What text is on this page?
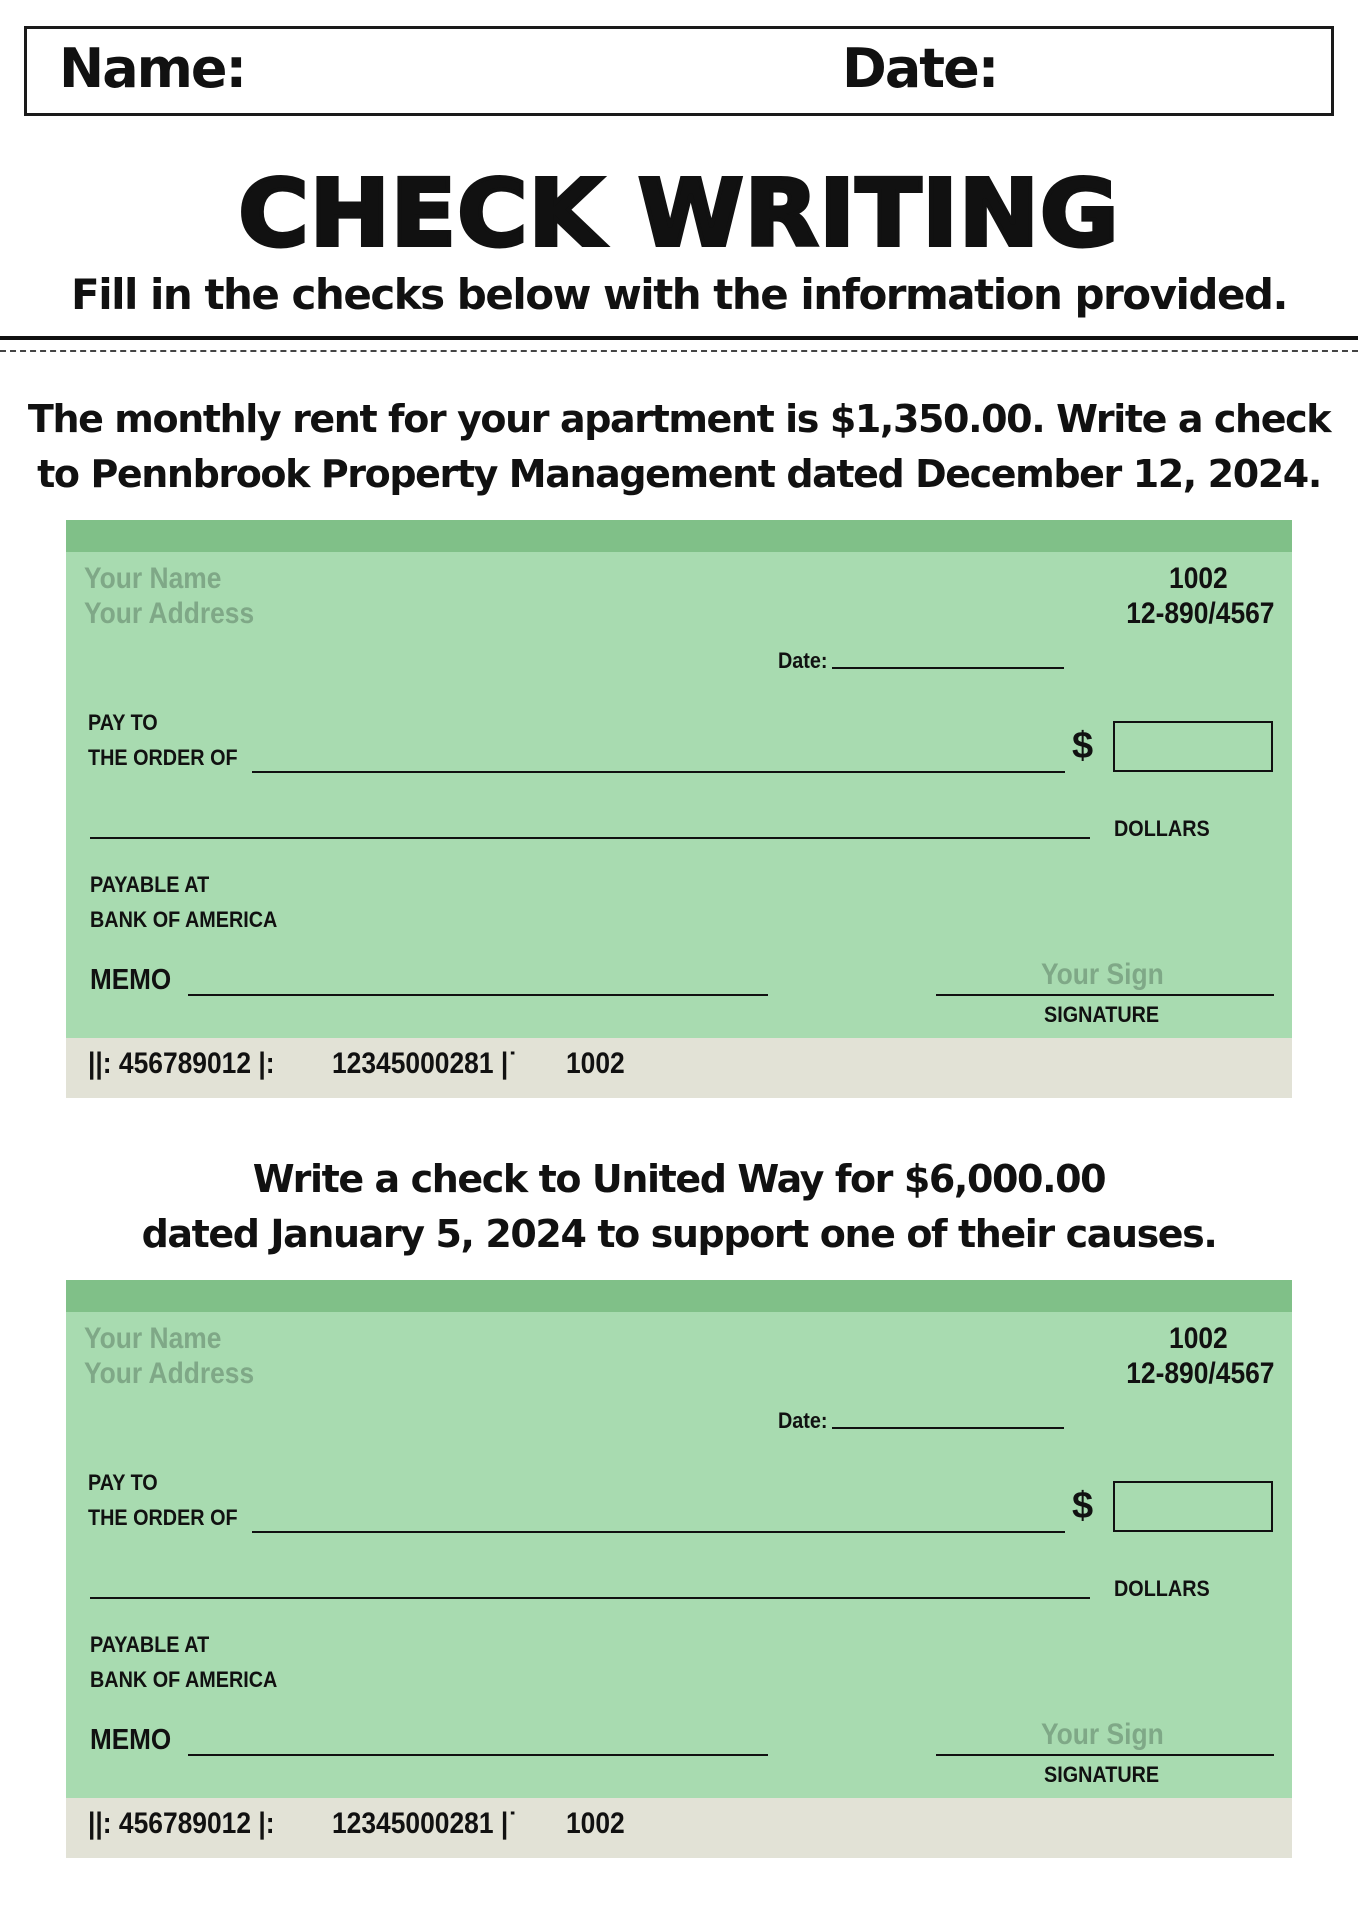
Name:	Date:
CHECK WRITING
Fill in the checks below with the information provided.
The monthly rent for your apartment is $1,350.00. Write a check
to Pennbrook Property Management dated December 12, 2024.
Your Name
Your Address
1002
12-890/4567
Date:
PAY TO
THE ORDER OF	$
DOLLARS
PAYABLE AT
BANK OF AMERICA
MEMO	Your Sign
SIGNATURE
||: 456789012 |: 12345000281 |˙ 1002
Write a check to United Way for $6,000.00
dated January 5, 2024 to support one of their causes.
Your Name
Your Address
1002
12-890/4567
Date:
PAY TO
THE ORDER OF	$
DOLLARS
PAYABLE AT
BANK OF AMERICA
MEMO	Your Sign
SIGNATURE
||: 456789012 |: 12345000281 |˙ 1002
